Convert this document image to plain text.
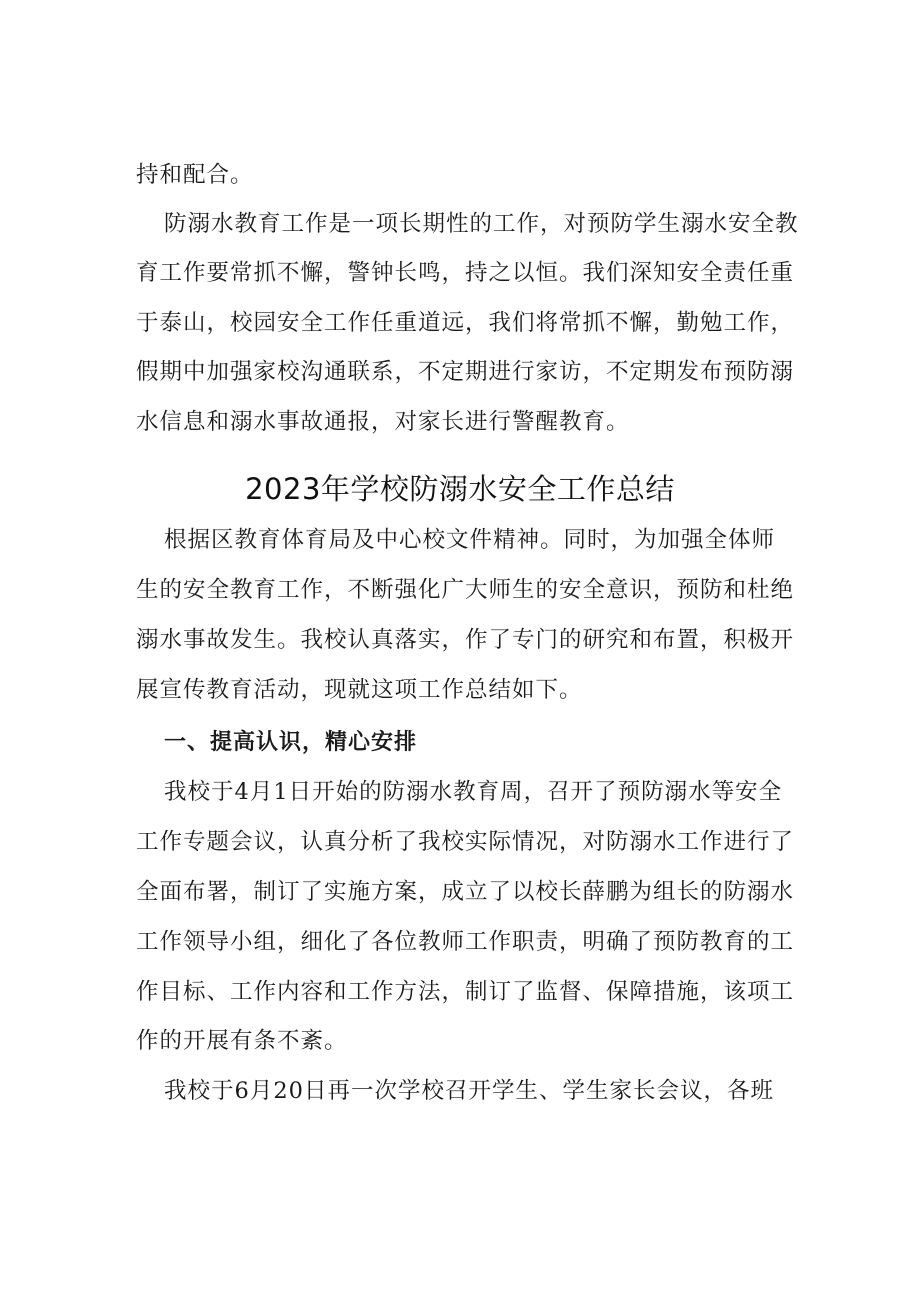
持和配合。
防溺水教育工作是一项长期性的工作，对预防学生溺水安全教
育工作要常抓不懈，警钟长鸣，持之以恒。我们深知安全责任重
于泰山，校园安全工作任重道远，我们将常抓不懈，勤勉工作，
假期中加强家校沟通联系，不定期进行家访，不定期发布预防溺
水信息和溺水事故通报，对家长进行警醒教育。
2023年学校防溺水安全工作总结
根据区教育体育局及中心校文件精神。同时，为加强全体师
生的安全教育工作，不断强化广大师生的安全意识，预防和杜绝
溺水事故发生。我校认真落实，作了专门的研究和布置，积极开
展宣传教育活动，现就这项工作总结如下。
一、提高认识，精心安排
我校于4月1日开始的防溺水教育周，召开了预防溺水等安全
工作专题会议，认真分析了我校实际情况，对防溺水工作进行了
全面布署，制订了实施方案，成立了以校长薛鹏为组长的防溺水
工作领导小组，细化了各位教师工作职责，明确了预防教育的工
作目标、工作内容和工作方法，制订了监督、保障措施，该项工
作的开展有条不紊。
我校于6月20日再一次学校召开学生、学生家长会议，各班
